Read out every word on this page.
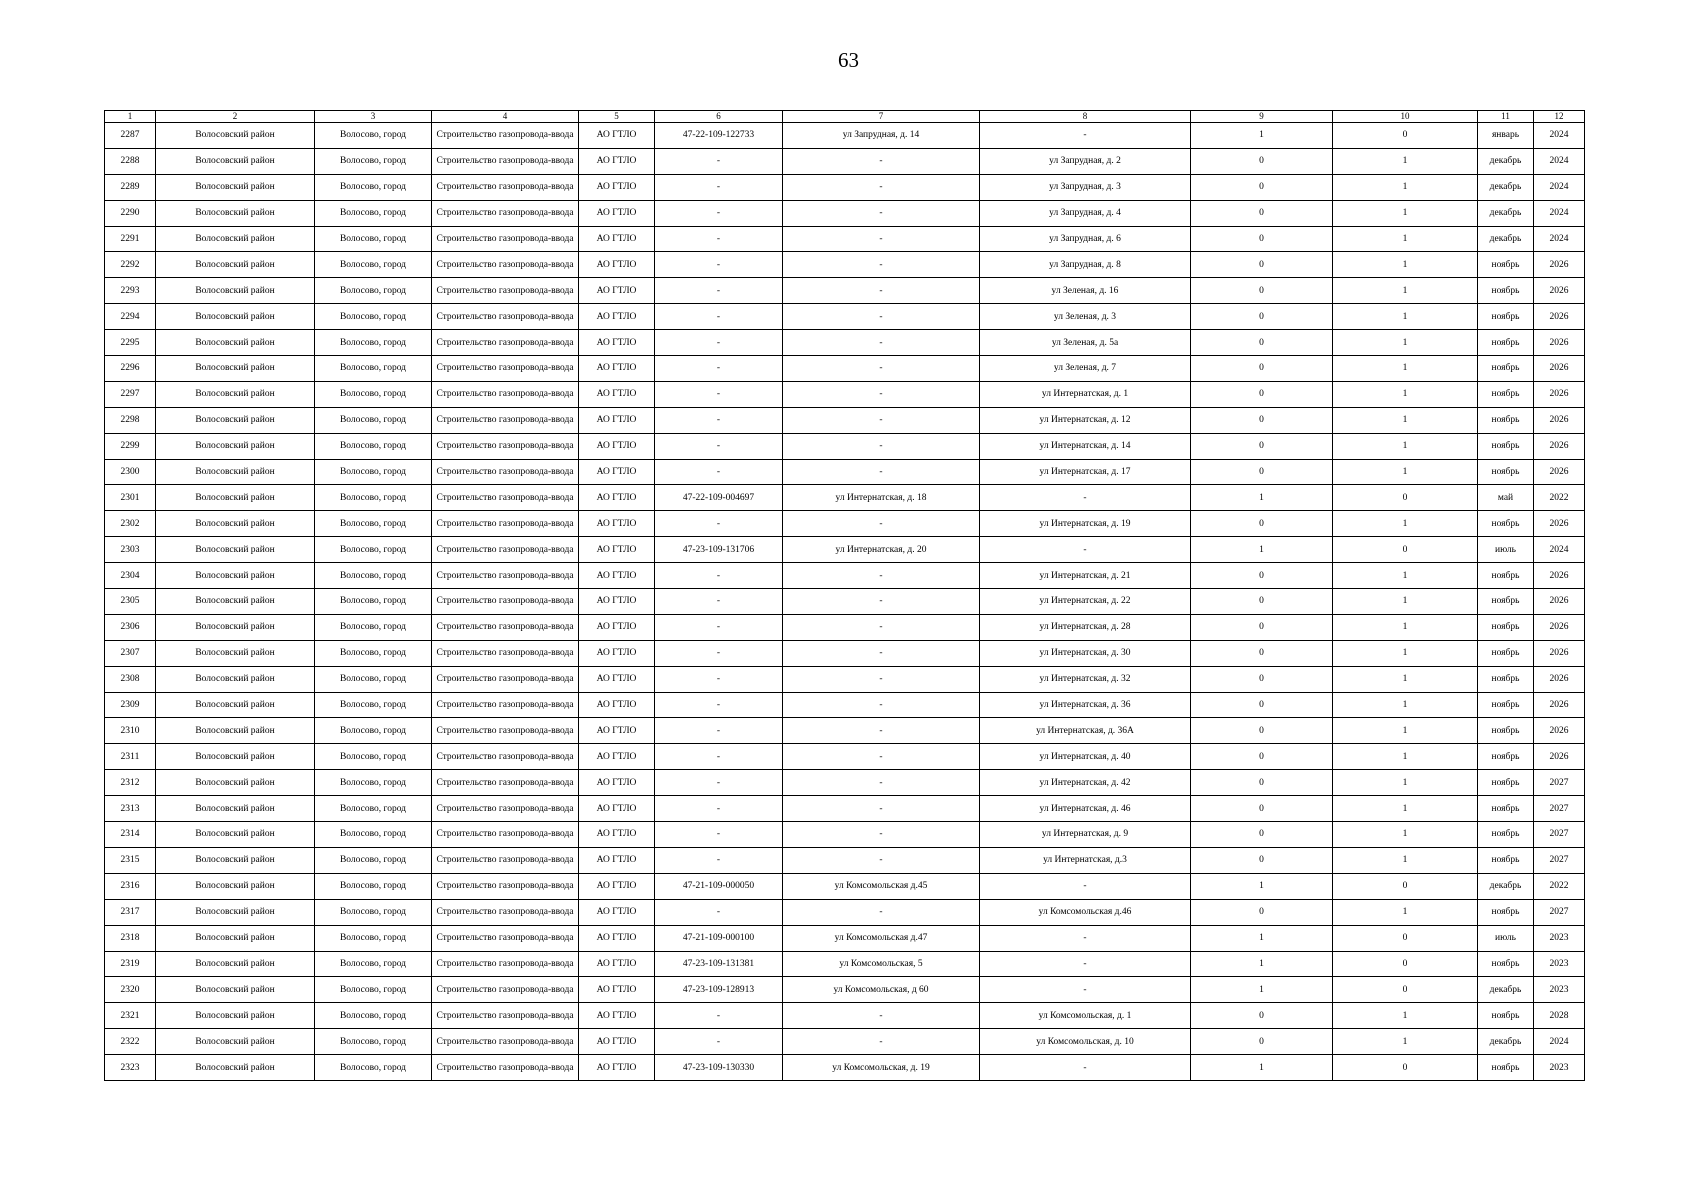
63
1	2	3	4	5	6	7	8	9	10	11	12
2287	Волосовский район	Волосово, город	Строительство газопровода-ввода	АО ГТЛО	47-22-109-122733	ул Запрудная, д. 14	-	1	0	январь	2024
2288	Волосовский район	Волосово, город	Строительство газопровода-ввода	АО ГТЛО	-	-	ул Запрудная, д. 2	0	1	декабрь	2024
2289	Волосовский район	Волосово, город	Строительство газопровода-ввода	АО ГТЛО	-	-	ул Запрудная, д. 3	0	1	декабрь	2024
2290	Волосовский район	Волосово, город	Строительство газопровода-ввода	АО ГТЛО	-	-	ул Запрудная, д. 4	0	1	декабрь	2024
2291	Волосовский район	Волосово, город	Строительство газопровода-ввода	АО ГТЛО	-	-	ул Запрудная, д. 6	0	1	декабрь	2024
2292	Волосовский район	Волосово, город	Строительство газопровода-ввода	АО ГТЛО	-	-	ул Запрудная, д. 8	0	1	ноябрь	2026
2293	Волосовский район	Волосово, город	Строительство газопровода-ввода	АО ГТЛО	-	-	ул Зеленая, д. 16	0	1	ноябрь	2026
2294	Волосовский район	Волосово, город	Строительство газопровода-ввода	АО ГТЛО	-	-	ул Зеленая, д. 3	0	1	ноябрь	2026
2295	Волосовский район	Волосово, город	Строительство газопровода-ввода	АО ГТЛО	-	-	ул Зеленая, д. 5а	0	1	ноябрь	2026
2296	Волосовский район	Волосово, город	Строительство газопровода-ввода	АО ГТЛО	-	-	ул Зеленая, д. 7	0	1	ноябрь	2026
2297	Волосовский район	Волосово, город	Строительство газопровода-ввода	АО ГТЛО	-	-	ул Интернатская, д. 1	0	1	ноябрь	2026
2298	Волосовский район	Волосово, город	Строительство газопровода-ввода	АО ГТЛО	-	-	ул Интернатская, д. 12	0	1	ноябрь	2026
2299	Волосовский район	Волосово, город	Строительство газопровода-ввода	АО ГТЛО	-	-	ул Интернатская, д. 14	0	1	ноябрь	2026
2300	Волосовский район	Волосово, город	Строительство газопровода-ввода	АО ГТЛО	-	-	ул Интернатская, д. 17	0	1	ноябрь	2026
2301	Волосовский район	Волосово, город	Строительство газопровода-ввода	АО ГТЛО	47-22-109-004697	ул Интернатская, д. 18	-	1	0	май	2022
2302	Волосовский район	Волосово, город	Строительство газопровода-ввода	АО ГТЛО	-	-	ул Интернатская, д. 19	0	1	ноябрь	2026
2303	Волосовский район	Волосово, город	Строительство газопровода-ввода	АО ГТЛО	47-23-109-131706	ул Интернатская, д. 20	-	1	0	июль	2024
2304	Волосовский район	Волосово, город	Строительство газопровода-ввода	АО ГТЛО	-	-	ул Интернатская, д. 21	0	1	ноябрь	2026
2305	Волосовский район	Волосово, город	Строительство газопровода-ввода	АО ГТЛО	-	-	ул Интернатская, д. 22	0	1	ноябрь	2026
2306	Волосовский район	Волосово, город	Строительство газопровода-ввода	АО ГТЛО	-	-	ул Интернатская, д. 28	0	1	ноябрь	2026
2307	Волосовский район	Волосово, город	Строительство газопровода-ввода	АО ГТЛО	-	-	ул Интернатская, д. 30	0	1	ноябрь	2026
2308	Волосовский район	Волосово, город	Строительство газопровода-ввода	АО ГТЛО	-	-	ул Интернатская, д. 32	0	1	ноябрь	2026
2309	Волосовский район	Волосово, город	Строительство газопровода-ввода	АО ГТЛО	-	-	ул Интернатская, д. 36	0	1	ноябрь	2026
2310	Волосовский район	Волосово, город	Строительство газопровода-ввода	АО ГТЛО	-	-	ул Интернатская, д. 36А	0	1	ноябрь	2026
2311	Волосовский район	Волосово, город	Строительство газопровода-ввода	АО ГТЛО	-	-	ул Интернатская, д. 40	0	1	ноябрь	2026
2312	Волосовский район	Волосово, город	Строительство газопровода-ввода	АО ГТЛО	-	-	ул Интернатская, д. 42	0	1	ноябрь	2027
2313	Волосовский район	Волосово, город	Строительство газопровода-ввода	АО ГТЛО	-	-	ул Интернатская, д. 46	0	1	ноябрь	2027
2314	Волосовский район	Волосово, город	Строительство газопровода-ввода	АО ГТЛО	-	-	ул Интернатская, д. 9	0	1	ноябрь	2027
2315	Волосовский район	Волосово, город	Строительство газопровода-ввода	АО ГТЛО	-	-	ул Интернатская, д.3	0	1	ноябрь	2027
2316	Волосовский район	Волосово, город	Строительство газопровода-ввода	АО ГТЛО	47-21-109-000050	ул Комсомольская д.45	-	1	0	декабрь	2022
2317	Волосовский район	Волосово, город	Строительство газопровода-ввода	АО ГТЛО	-	-	ул Комсомольская д.46	0	1	ноябрь	2027
2318	Волосовский район	Волосово, город	Строительство газопровода-ввода	АО ГТЛО	47-21-109-000100	ул Комсомольская д.47	-	1	0	июль	2023
2319	Волосовский район	Волосово, город	Строительство газопровода-ввода	АО ГТЛО	47-23-109-131381	ул Комсомольская, 5	-	1	0	ноябрь	2023
2320	Волосовский район	Волосово, город	Строительство газопровода-ввода	АО ГТЛО	47-23-109-128913	ул Комсомольская, д 60	-	1	0	декабрь	2023
2321	Волосовский район	Волосово, город	Строительство газопровода-ввода	АО ГТЛО	-	-	ул Комсомольская, д. 1	0	1	ноябрь	2028
2322	Волосовский район	Волосово, город	Строительство газопровода-ввода	АО ГТЛО	-	-	ул Комсомольская, д. 10	0	1	декабрь	2024
2323	Волосовский район	Волосово, город	Строительство газопровода-ввода	АО ГТЛО	47-23-109-130330	ул Комсомольская, д. 19	-	1	0	ноябрь	2023
